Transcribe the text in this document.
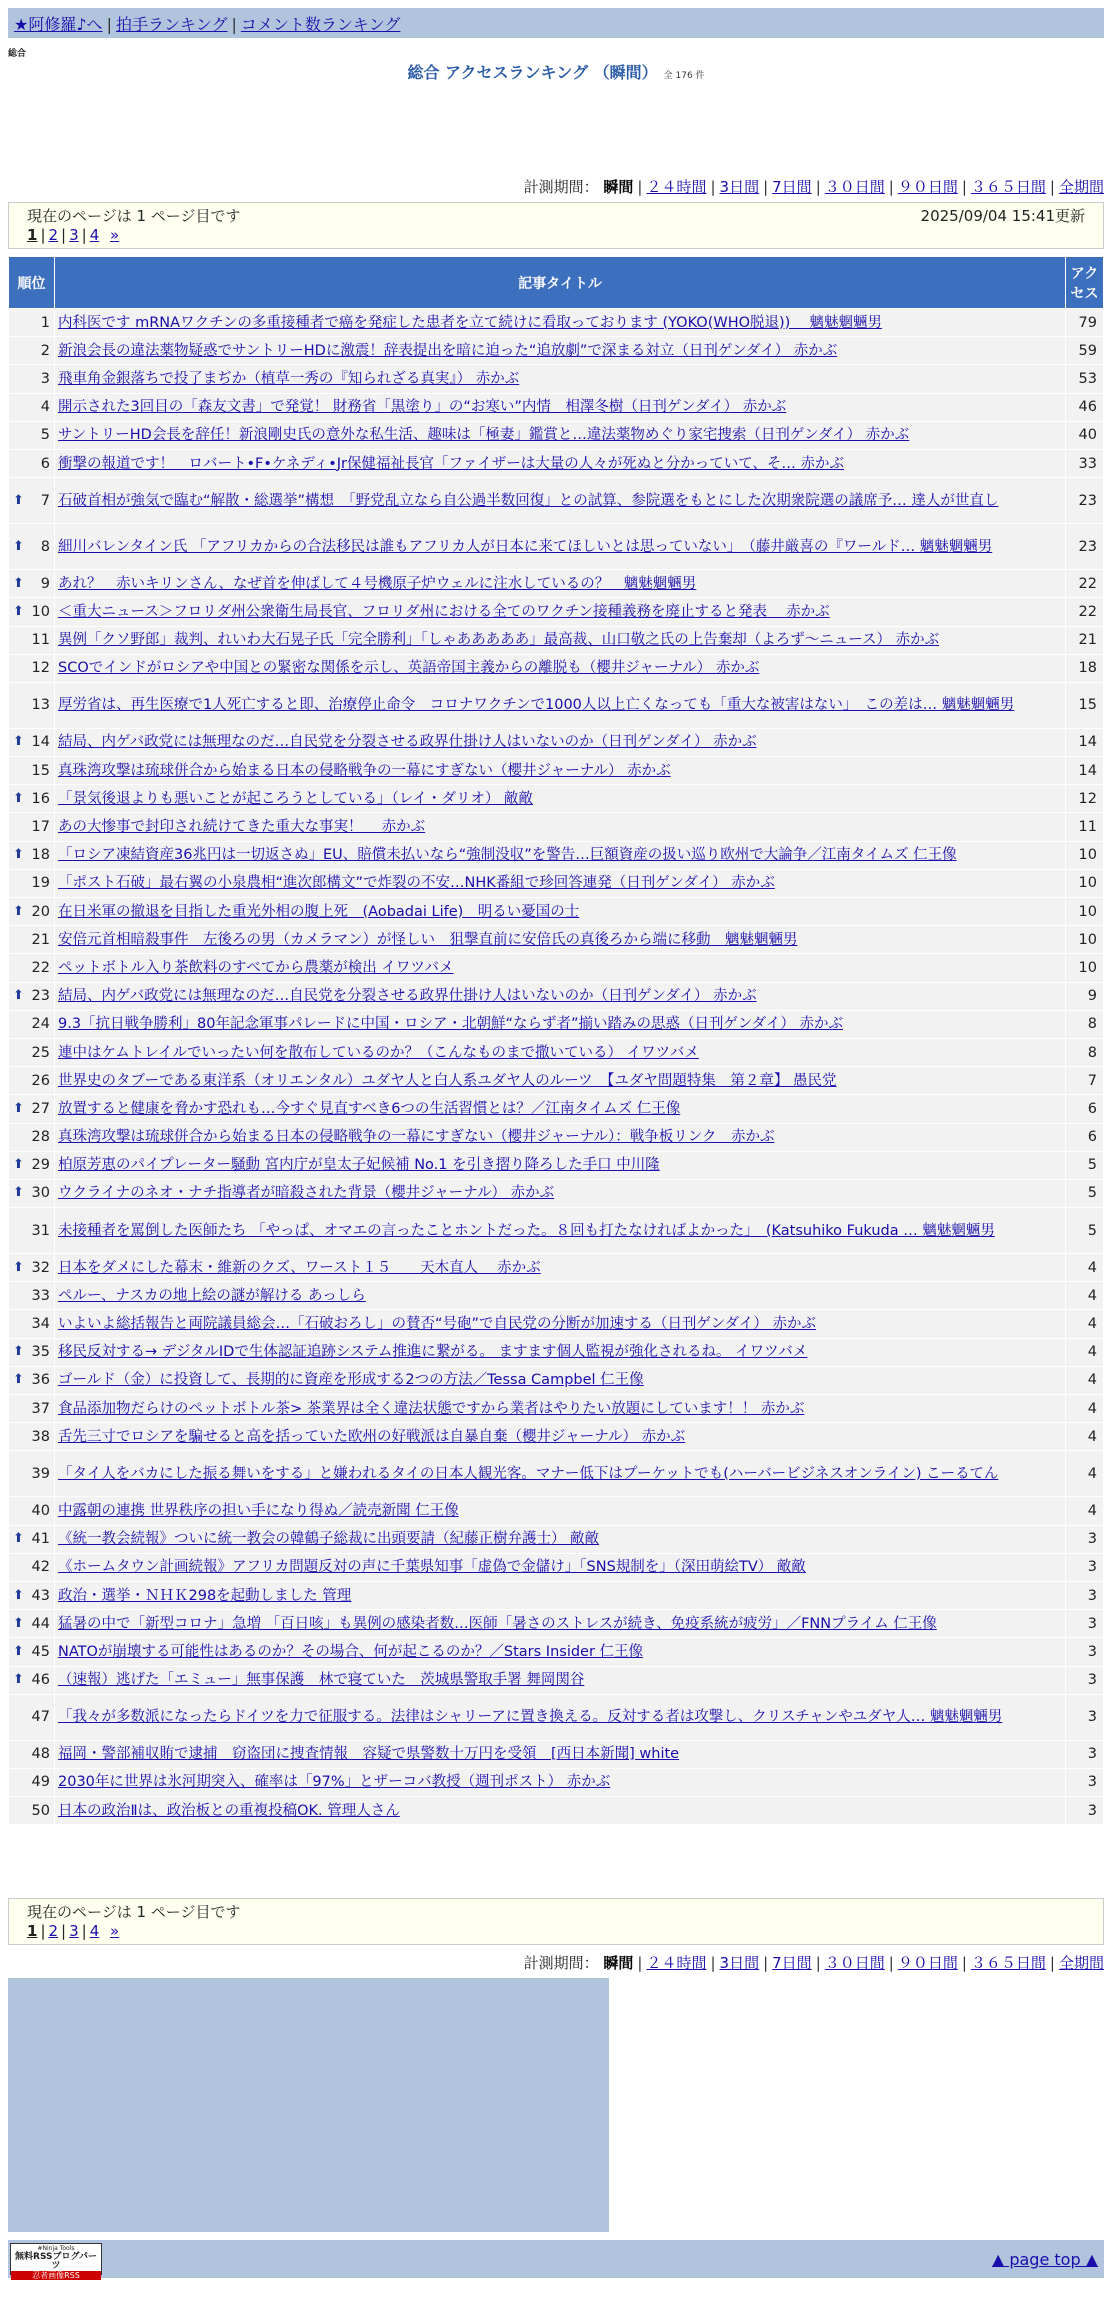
★阿修羅♪へ | 拍手ランキング | コメント数ランキング
総合
総合 アクセスランキング （瞬間） 全 176 件
計測期間： 瞬間 | ２４時間 | 3日間 | 7日間 | ３０日間 | ９０日間 | ３６５日間 | 全期間
現在のページは 1 ページ目です	2025/09/04 15:41更新
1 | 2 | 3 | 4 »
順位	記事タイトル	アクセス
1	内科医です mRNAワクチンの多重接種者で癌を発症した患者を立て続けに看取っております (YOKO(WHO脱退)) 　魑魅魍魎男	79
2	新浪会長の違法薬物疑惑でサントリーHDに激震！辞表提出を暗に迫った“追放劇”で深まる対立（日刊ゲンダイ） 赤かぶ	59
3	飛車角金銀落ちで投了まぢか（植草一秀の『知られざる真実』） 赤かぶ	53
4	開示された3回目の「森友文書」で発覚！ 財務省「黒塗り」の“お寒い”内情　相澤冬樹（日刊ゲンダイ） 赤かぶ	46
5	サントリーHD会長を辞任！新浪剛史氏の意外な私生活、趣味は「極妻」鑑賞と…違法薬物めぐり家宅捜索（日刊ゲンダイ） 赤かぶ	40
6	衝撃の報道です！　ロバート•F•ケネディ•Jr保健福祉長官「ファイザーは大量の人々が死ぬと分かっていて、そ… 赤かぶ	33

⬆ 7	石破首相が強気で臨む“解散・総選挙”構想　「野党乱立なら自公過半数回復」との試算、参院選をもとにした次期衆院選の議席予… 達人が世直し	23

⬆ 8	細川バレンタイン氏 「アフリカからの合法移民は誰もアフリカ人が日本に来てほしいとは思っていない」　（藤井厳喜の『ワールド… 魑魅魍魎男	23

⬆ 9	あれ？　赤いキリンさん、なぜ首を伸ばして４号機原子炉ウェルに注水しているの？　魑魅魍魎男	22

⬆ 10	＜重大ニュース＞フロリダ州公衆衛生局長官、フロリダ州における全てのワクチン接種義務を廃止すると発表　 赤かぶ	22
11	異例「クソ野郎」裁判、れいわ大石晃子氏「完全勝利」「しゃあああああ」最高裁、山口敬之氏の上告棄却（よろず～ニュース） 赤かぶ	21
12	SCOでインドがロシアや中国との緊密な関係を示し、英語帝国主義からの離脱も（櫻井ジャーナル） 赤かぶ	18
13	厚労省は、再生医療で1人死亡すると即、治療停止命令　コロナワクチンで1000人以上亡くなっても「重大な被害はない」　この差は… 魑魅魍魎男	15

⬆ 14	結局、内ゲバ政党には無理なのだ…自民党を分裂させる政界仕掛け人はいないのか（日刊ゲンダイ） 赤かぶ	14
15	真珠湾攻撃は琉球併合から始まる日本の侵略戦争の一幕にすぎない（櫻井ジャーナル） 赤かぶ	14

⬆ 16	「景気後退よりも悪いことが起ころうとしている」（レイ・ダリオ） 敵敵	12
17	あの大惨事で封印され続けてきた重大な事実！　 赤かぶ	11

⬆ 18	「ロシア凍結資産36兆円は一切返さぬ」EU、賠償未払いなら“強制没収”を警告…巨額資産の扱い巡り欧州で大論争／江南タイムズ 仁王像	10
19	「ポスト石破」最右翼の小泉農相“進次郎構文”で炸裂の不安…NHK番組で珍回答連発（日刊ゲンダイ） 赤かぶ	10

⬆ 20	在日米軍の撤退を目指した重光外相の腹上死　(Aobadai Life)　明るい憂国の士	10
21	安倍元首相暗殺事件　左後ろの男（カメラマン）が怪しい　狙撃直前に安倍氏の真後ろから端に移動　魑魅魍魎男	10
22	ペットボトル入り茶飲料のすべてから農薬が検出 イワツバメ	10

⬆ 23	結局、内ゲバ政党には無理なのだ…自民党を分裂させる政界仕掛け人はいないのか（日刊ゲンダイ） 赤かぶ	9
24	9.3「抗日戦争勝利」80年記念軍事パレードに中国・ロシア・北朝鮮“ならず者”揃い踏みの思惑（日刊ゲンダイ） 赤かぶ	8
25	連中はケムトレイルでいったい何を散布しているのか？（こんなものまで撒いている） イワツバメ	8
26	世界史のタブーである東洋系（オリエンタル）ユダヤ人と白人系ユダヤ人のルーツ　【ユダヤ問題特集　第２章】 愚民党	7

⬆ 27	放置すると健康を脅かす恐れも…今すぐ見直すべき6つの生活習慣とは？／江南タイムズ 仁王像	6
28	真珠湾攻撃は琉球併合から始まる日本の侵略戦争の一幕にすぎない（櫻井ジャーナル）：戦争板リンク　赤かぶ	6

⬆ 29	柏原芳恵のパイプレーター騒動 宮内庁が皇太子妃候補 No.1 を引き摺り降ろした手口 中川隆	5

⬆ 30	ウクライナのネオ・ナチ指導者が暗殺された背景（櫻井ジャーナル） 赤かぶ	5
31	未接種者を罵倒した医師たち 「やっぱ、オマエの言ったことホントだった。８回も打たなければよかった」　(Katsuhiko Fukuda … 魑魅魍魎男	5

⬆ 32	日本をダメにした幕末・維新のクズ、ワースト１５　　天木直人　 赤かぶ	4
33	ペルー、ナスカの地上絵の謎が解ける あっしら	4
34	いよいよ総括報告と両院議員総会…「石破おろし」の賛否“号砲”で自民党の分断が加速する（日刊ゲンダイ） 赤かぶ	4

⬆ 35	移民反対する→ デジタルIDで生体認証追跡システム推進に繋がる。 ますます個人監視が強化されるね。 イワツバメ	4

⬆ 36	ゴールド（金）に投資して、長期的に資産を形成する2つの方法／Tessa Campbel 仁王像	4
37	食品添加物だらけのペットボトル茶> 茶業界は全く違法状態ですから業者はやりたい放題にしています！！ 赤かぶ	4
38	舌先三寸でロシアを騙せると高を括っていた欧州の好戦派は自暴自棄（櫻井ジャーナル） 赤かぶ	4
39	「タイ人をバカにした振る舞いをする」と嫌われるタイの日本人観光客。マナー低下はプーケットでも(ハーバービジネスオンライン) こーるてん	4
40	中露朝の連携 世界秩序の担い手になり得ぬ／読売新聞 仁王像	4

⬆ 41	《統一教会続報》ついに統一教会の韓鶴子総裁に出頭要請（紀藤正樹弁護士） 敵敵	3
42	《ホームタウン計画続報》アフリカ問題反対の声に千葉県知事「虚偽で金儲け」「SNS規制を」（深田萌絵TV） 敵敵	3

⬆ 43	政治・選挙・ＮＨＫ298を起動しました 管理	3

⬆ 44	猛暑の中で「新型コロナ」急増 「百日咳」も異例の感染者数…医師「暑さのストレスが続き、免疫系統が疲労」／FNNプライム 仁王像	3

⬆ 45	NATOが崩壊する可能性はあるのか？その場合、何が起こるのか？／Stars Insider 仁王像	3

⬆ 46	（速報）逃げた「エミュー」無事保護　林で寝ていた　茨城県警取手署 舞岡関谷	3
47	「我々が多数派になったらドイツを力で征服する。法律はシャリーアに置き換える。反対する者は攻撃し、クリスチャンやユダヤ人… 魑魅魍魎男	3
48	福岡・警部補収賄で逮捕　窃盗団に捜査情報　容疑で県警数十万円を受領　[西日本新聞] white	3
49	2030年に世界は氷河期突入、確率は「97%」とザーコバ教授（週刊ポスト） 赤かぶ	3
50	日本の政治Ⅱは、政治板との重複投稿OK. 管理人さん	3
現在のページは 1 ページ目です
1 | 2 | 3 | 4 »
計測期間： 瞬間 | ２４時間 | 3日間 | 7日間 | ３０日間 | ９０日間 | ３６５日間 | 全期間
#Ninja Tools
無料RSSブログパーツ
忍者画像RSS
▲ page top ▲
